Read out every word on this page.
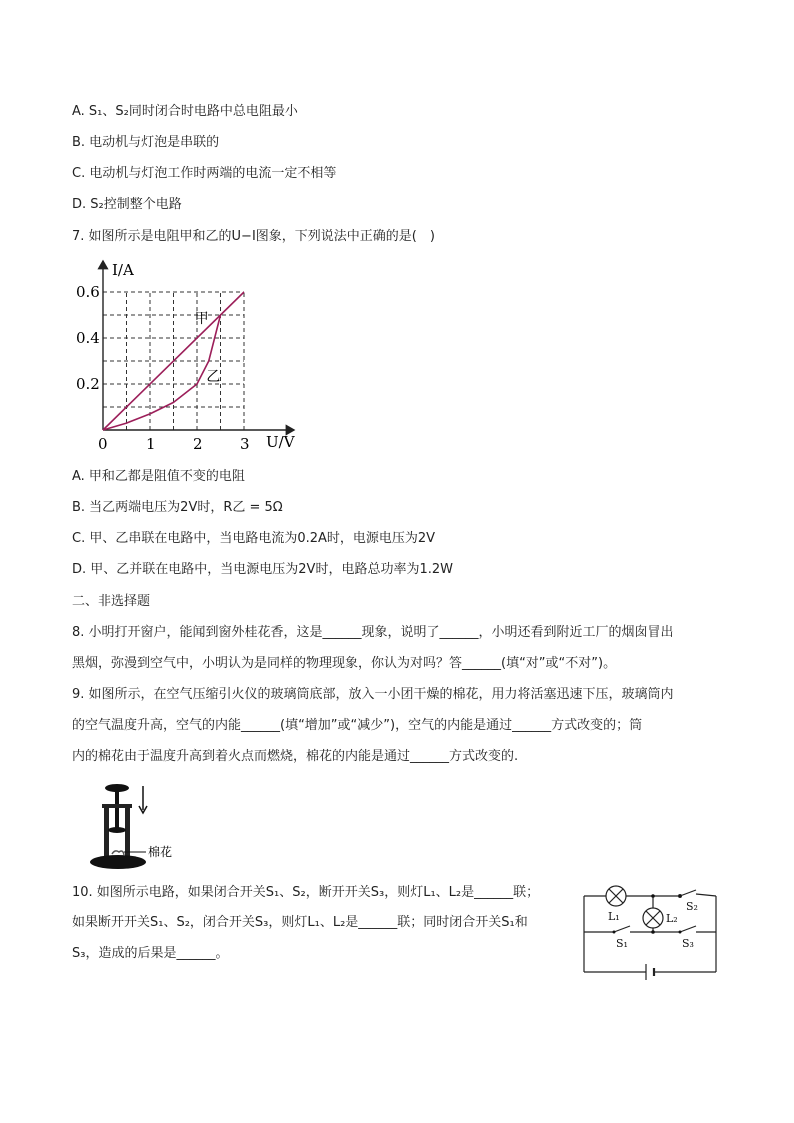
A. S₁、S₂同时闭合时电路中总电阻最小
B. 电动机与灯泡是串联的
C. 电动机与灯泡工作时两端的电流一定不相等
D. S₂控制整个电路
7. 如图所示是电阻甲和乙的U−I图象，下列说法中正确的是(　)
I/A
U/V
0	1 2 3
0.2
0.4
0.6
甲
乙
A. 甲和乙都是阻值不变的电阻
B. 当乙两端电压为2V时，R乙 = 5Ω
C. 甲、乙串联在电路中，当电路电流为0.2A时，电源电压为2V
D. 甲、乙并联在电路中，当电源电压为2V时，电路总功率为1.2W
二、非选择题
8. 小明打开窗户，能闻到窗外桂花香，这是______现象，说明了______，小明还看到附近工厂的烟囱冒出
黑烟，弥漫到空气中，小明认为是同样的物理现象，你认为对吗？答______(填“对”或“不对”)。
9. 如图所示，在空气压缩引火仪的玻璃筒底部，放入一小团干燥的棉花，用力将活塞迅速下压，玻璃筒内
的空气温度升高，空气的内能______(填“增加”或“减少”)，空气的内能是通过______方式改变的；筒
内的棉花由于温度升高到着火点而燃烧，棉花的内能是通过______方式改变的.
棉花
10. 如图所示电路，如果闭合开关S₁、S₂，断开开关S₃，则灯L₁、L₂是______联；
如果断开开关S₁、S₂，闭合开关S₃，则灯L₁、L₂是______联；同时闭合开关S₁和
S₃，造成的后果是______。
L₁	L₂
S₂
S₁	S₃
